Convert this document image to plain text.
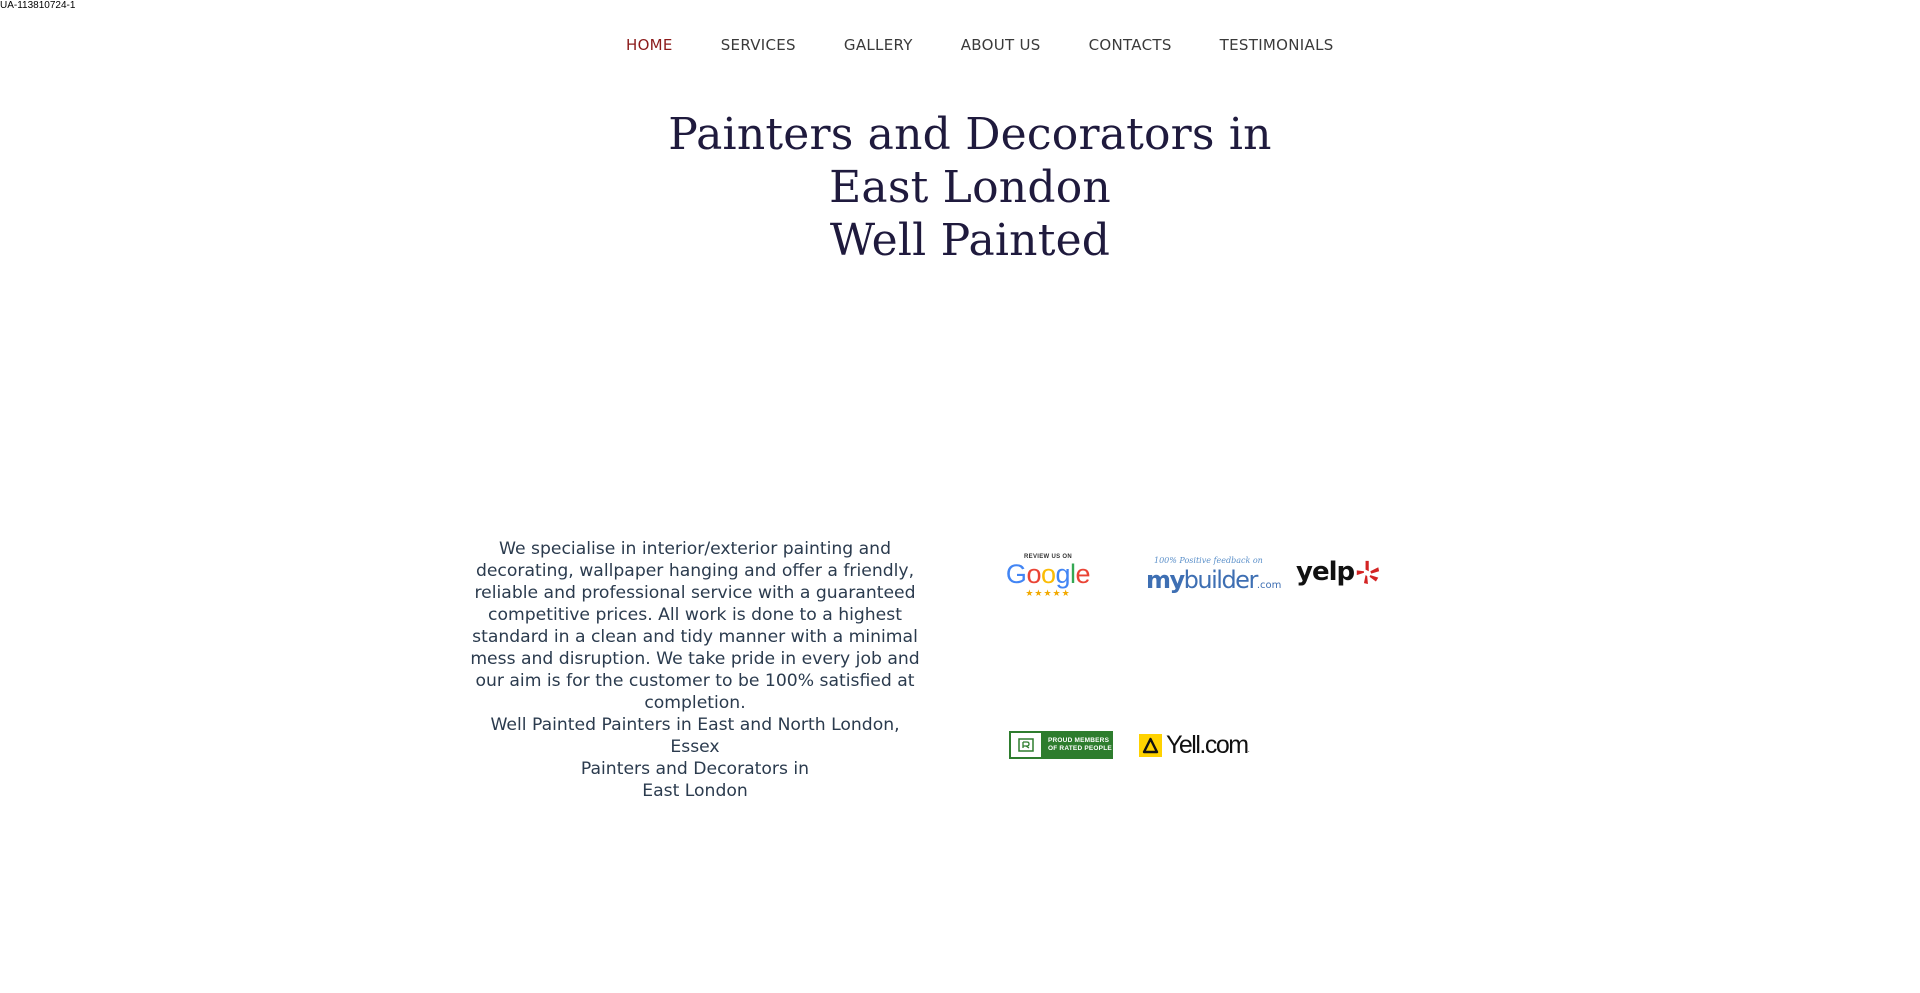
UA-113810724-1
HOME	SERVICES	GALLERY	ABOUT US	CONTACTS	TESTIMONIALS
Painters and Decorators in
East London
Well Painted

We specialise in interior/exterior painting and decorating, wallpaper hanging and offer a friendly, reliable and professional service with a guaranteed competitive prices. All work is done to a highest standard in a clean and tidy manner with a minimal mess and disruption. We take pride in every job and our aim is for the customer to be 100% satisfied at completion.

Well Painted Painters in East and North London, Essex

Painters and Decorators in

East London

REVIEW US ON
Google
★★★★★
100% Positive feedback on
mybuilder.com yelp
PROUD MEMBERS
OF RATED PEOPLE Yell.com .
